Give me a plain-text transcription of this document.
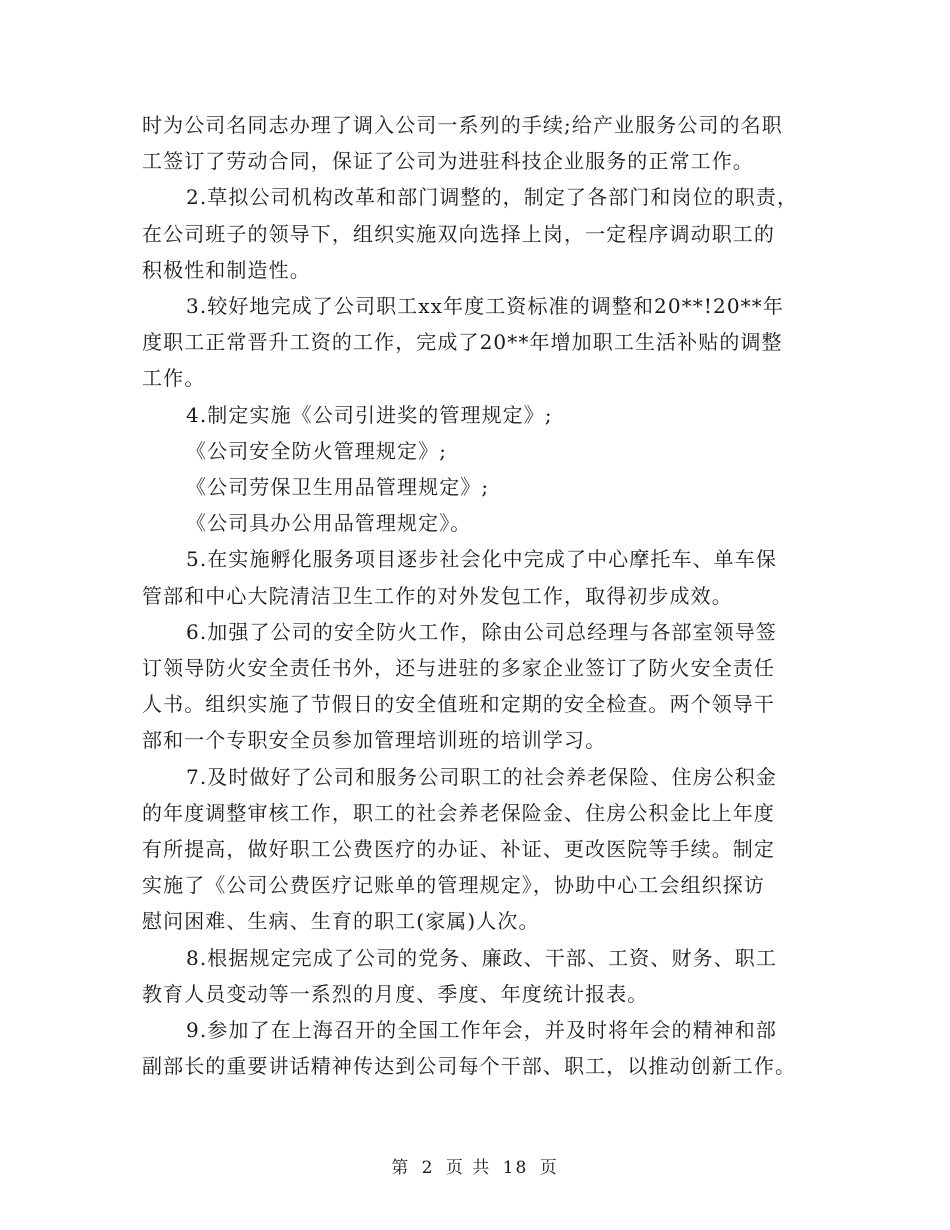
时为公司名同志办理了调入公司一系列的手续;给产业服务公司的名职
工签订了劳动合同，保证了公司为进驻科技企业服务的正常工作。
2.草拟公司机构改革和部门调整的，制定了各部门和岗位的职责，
在公司班子的领导下，组织实施双向选择上岗，一定程序调动职工的
积极性和制造性。
3.较好地完成了公司职工xx年度工资标准的调整和20**!20**年
度职工正常晋升工资的工作，完成了20**年增加职工生活补贴的调整
工作。
4.制定实施《公司引进奖的管理规定》;
《公司安全防火管理规定》;
《公司劳保卫生用品管理规定》;
《公司具办公用品管理规定》。
5.在实施孵化服务项目逐步社会化中完成了中心摩托车、单车保
管部和中心大院清洁卫生工作的对外发包工作，取得初步成效。
6.加强了公司的安全防火工作，除由公司总经理与各部室领导签
订领导防火安全责任书外，还与进驻的多家企业签订了防火安全责任
人书。组织实施了节假日的安全值班和定期的安全检查。两个领导干
部和一个专职安全员参加管理培训班的培训学习。
7.及时做好了公司和服务公司职工的社会养老保险、住房公积金
的年度调整审核工作，职工的社会养老保险金、住房公积金比上年度
有所提高，做好职工公费医疗的办证、补证、更改医院等手续。制定
实施了《公司公费医疗记账单的管理规定》，协助中心工会组织探访
慰问困难、生病、生育的职工(家属)人次。
8.根据规定完成了公司的党务、廉政、干部、工资、财务、职工
教育人员变动等一系烈的月度、季度、年度统计报表。
9.参加了在上海召开的全国工作年会，并及时将年会的精神和部
副部长的重要讲话精神传达到公司每个干部、职工，以推动创新工作。
第 2 页 共 18 页
